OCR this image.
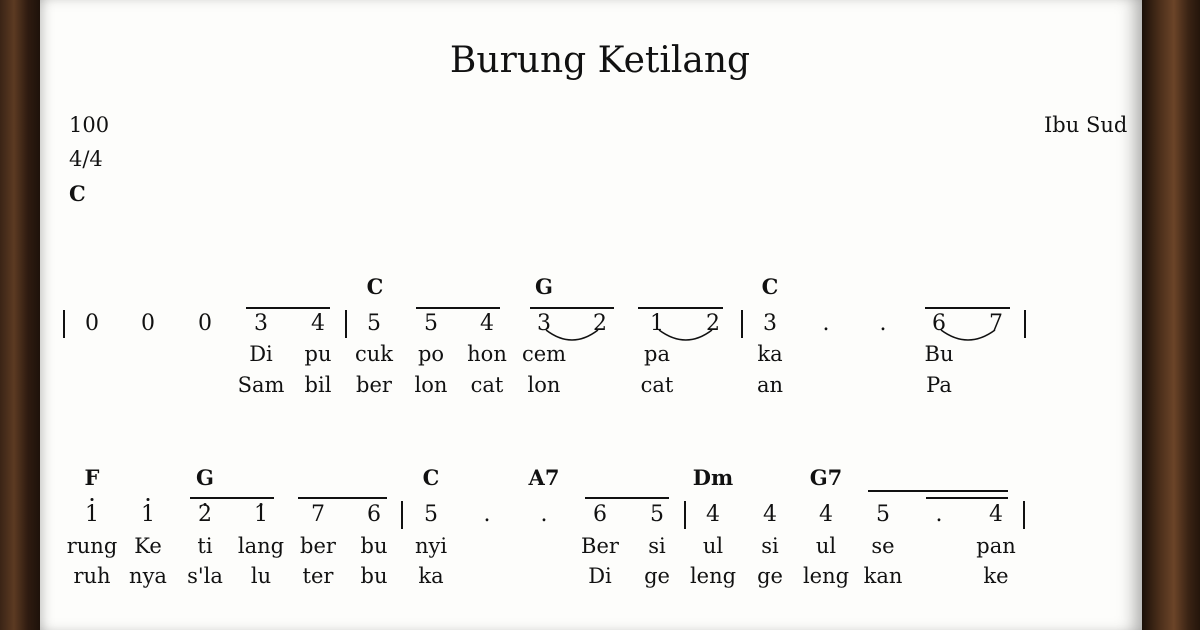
Burung Ketilang
100
4/4
C
Ibu Sud
C	G	C
0 0 0 3 4 5 5 4 3 2 1 2 3 . . 6 7
Di pu cuk po hon cem	pa	ka	Bu
Sam bil ber lon cat lon	cat	an	Pa
F	G	C	A7	Dm	G7
1 1 2 1 7 6 5 . . 6 5 4 4 4 5 . 4
rung Ke ti lang ber bu nyi	Ber si ul si ul se	pan
ruh nya s'la lu ter bu ka	Di ge leng ge leng kan	ke
